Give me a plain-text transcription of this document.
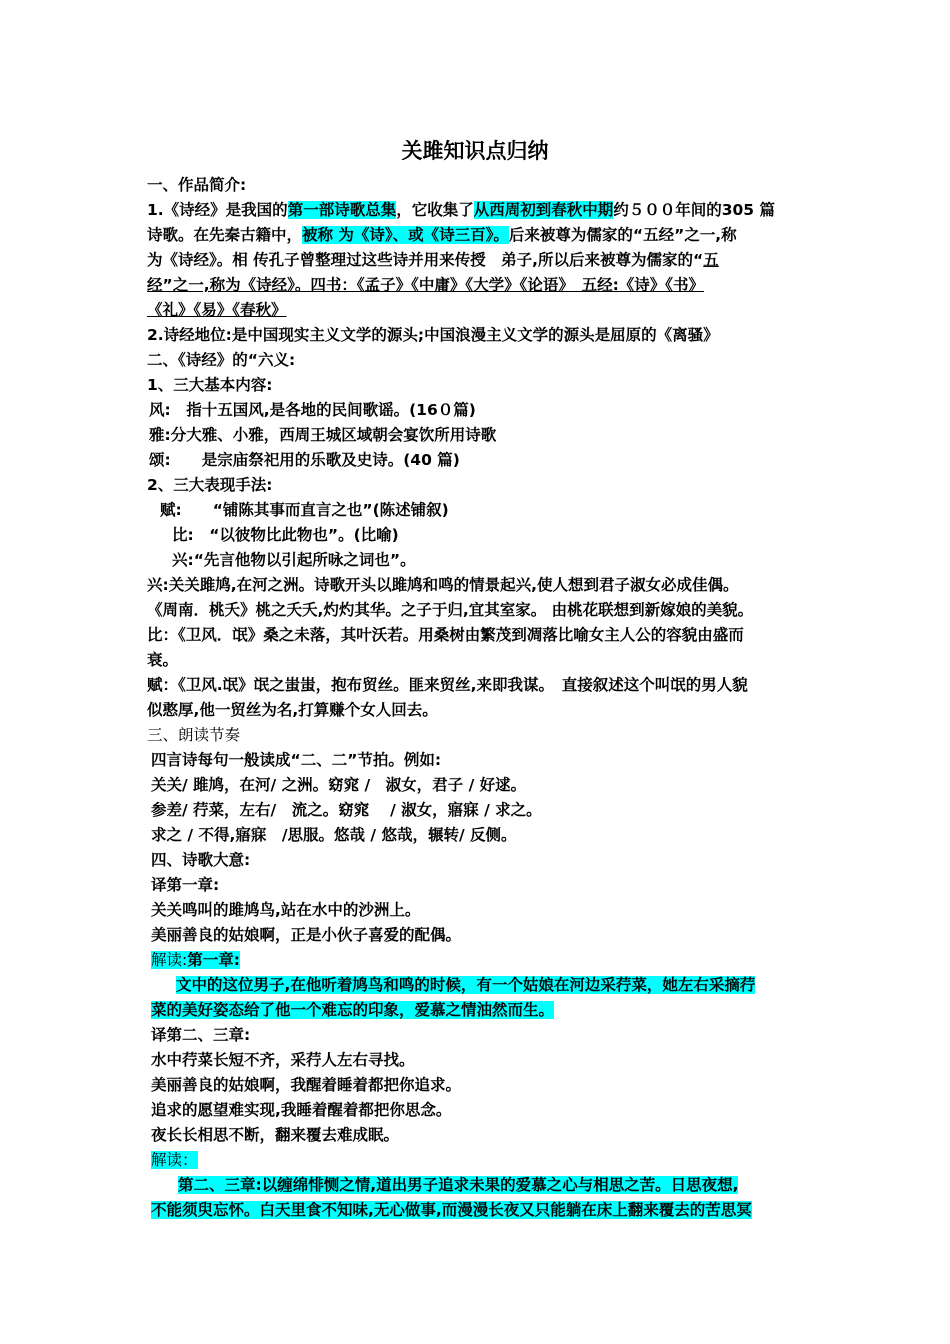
关雎知识点归纳
一、作品简介:
1.《诗经》是我国的第一部诗歌总集，它收集了从西周初到春秋中期约５００年间的305 篇
诗歌。在先秦古籍中，被称 为《诗》、或《诗三百》。后来被尊为儒家的“五经”之一,称
为《诗经》。相 传孔子曾整理过这些诗并用来传授　弟子,所以后来被尊为儒家的“五
经”之一,称为《诗经》。四书：《孟子》《中庸》《大学》《论语》　五经:《诗》《书》
《礼》《易》《春秋》
2.诗经地位:是中国现实主义文学的源头;中国浪漫主义文学的源头是屈原的《离骚》
二、《诗经》的“六义:
1、三大基本内容:
风:　指十五国风,是各地的民间歌谣。(16０篇)
雅:分大雅、小雅，西周王城区域朝会宴饮所用诗歌
颂:　　是宗庙祭祀用的乐歌及史诗。(40 篇)
2、三大表现手法:
赋:　　“铺陈其事而直言之也”(陈述铺叙)
比:　“以彼物比此物也”。(比喻)
兴:“先言他物以引起所咏之词也”。
兴:关关雎鸠,在河之洲。诗歌开头以雎鸠和鸣的情景起兴,使人想到君子淑女必成佳偶。
《周南．桃夭》桃之夭夭,灼灼其华。之子于归,宜其室家。 由桃花联想到新嫁娘的美貌。
比：《卫风．氓》桑之未落，其叶沃若。用桑树由繁茂到凋落比喻女主人公的容貌由盛而
衰。
赋：《卫风.氓》氓之蚩蚩，抱布贸丝。匪来贸丝,来即我谋。　直接叙述这个叫氓的男人貌
似憨厚,他一贸丝为名,打算赚个女人回去。
三、朗读节奏
四言诗每句一般读成“二、二”节拍。例如:
关关/ 雎鸠，在河/ 之洲。窈窕 /　淑女，君子 / 好逑。
参差/ 荇菜，左右/　流之。窈窕　 / 淑女，寤寐 / 求之。
求之 / 不得,寤寐　/思服。悠哉 / 悠哉，辗转/ 反侧。
四、诗歌大意:
译第一章:
关关鸣叫的雎鸠鸟,站在水中的沙洲上。
美丽善良的姑娘啊，正是小伙子喜爱的配偶。
解读:第一章:
文中的这位男子,在他听着鸠鸟和鸣的时候，有一个姑娘在河边采荇菜，她左右采摘荇
菜的美好姿态给了他一个难忘的印象，爱慕之情油然而生。
译第二、三章:
水中荇菜长短不齐，采荇人左右寻找。
美丽善良的姑娘啊，我醒着睡着都把你追求。
追求的愿望难实现,我睡着醒着都把你思念。
夜长长相思不断，翻来覆去难成眠。
解读：
第二、三章:以缠绵悱恻之情,道出男子追求未果的爱慕之心与相思之苦。日思夜想,
不能须臾忘怀。白天里食不知味,无心做事,而漫漫长夜又只能躺在床上翻来覆去的苦思冥
